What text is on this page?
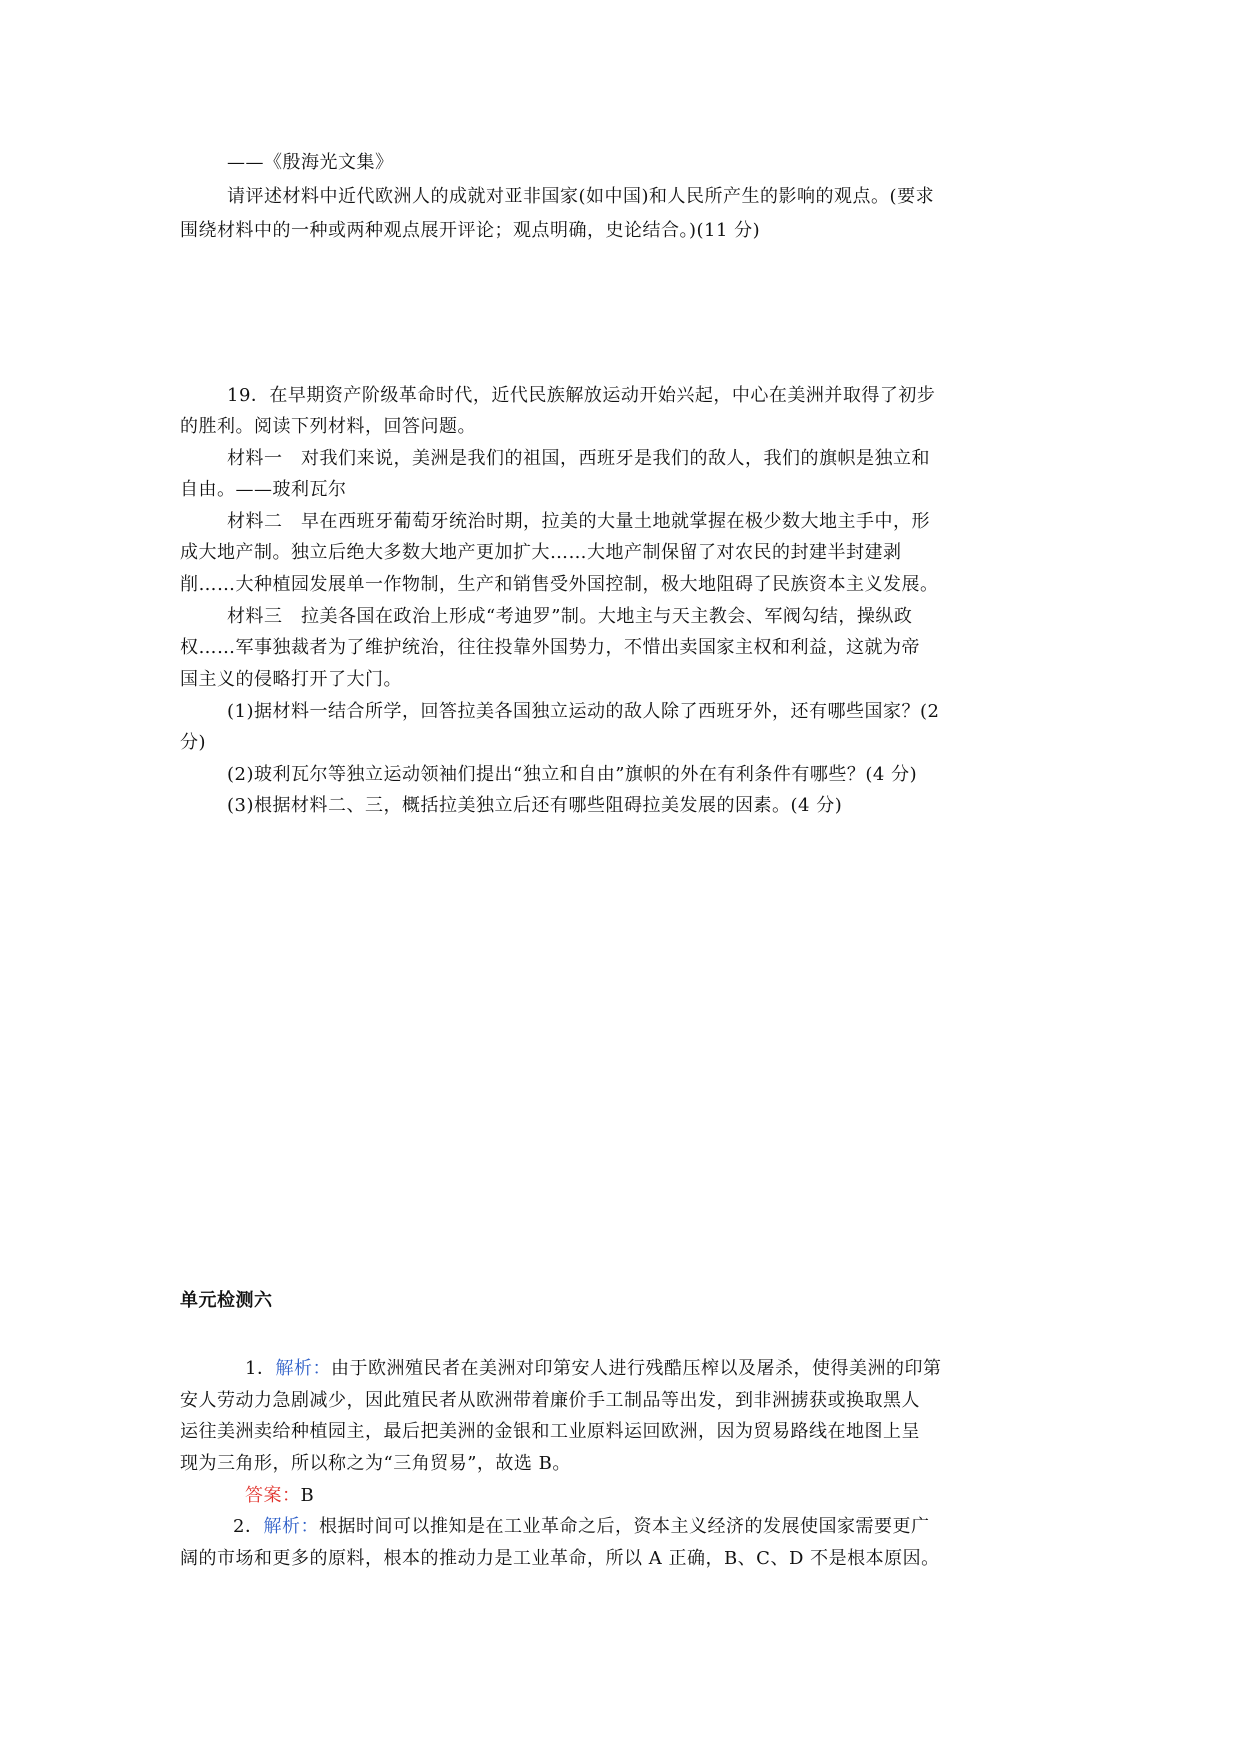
——《殷海光文集》
请评述材料中近代欧洲人的成就对亚非国家(如中国)和人民所产生的影响的观点。(要求
围绕材料中的一种或两种观点展开评论；观点明确，史论结合。)(11 分)
19．在早期资产阶级革命时代，近代民族解放运动开始兴起，中心在美洲并取得了初步
的胜利。阅读下列材料，回答问题。
材料一　对我们来说，美洲是我们的祖国，西班牙是我们的敌人，我们的旗帜是独立和
自由。——玻利瓦尔
材料二　早在西班牙葡萄牙统治时期，拉美的大量土地就掌握在极少数大地主手中，形
成大地产制。独立后绝大多数大地产更加扩大……大地产制保留了对农民的封建半封建剥
削……大种植园发展单一作物制，生产和销售受外国控制，极大地阻碍了民族资本主义发展。
材料三　拉美各国在政治上形成“考迪罗”制。大地主与天主教会、军阀勾结，操纵政
权……军事独裁者为了维护统治，往往投靠外国势力，不惜出卖国家主权和利益，这就为帝
国主义的侵略打开了大门。
(1)据材料一结合所学，回答拉美各国独立运动的敌人除了西班牙外，还有哪些国家？(2
分)
(2)玻利瓦尔等独立运动领袖们提出“独立和自由”旗帜的外在有利条件有哪些？(4 分)
(3)根据材料二、三，概括拉美独立后还有哪些阻碍拉美发展的因素。(4 分)
单元检测六
1．解析：由于欧洲殖民者在美洲对印第安人进行残酷压榨以及屠杀，使得美洲的印第
安人劳动力急剧减少，因此殖民者从欧洲带着廉价手工制品等出发，到非洲掳获或换取黑人
运往美洲卖给种植园主，最后把美洲的金银和工业原料运回欧洲，因为贸易路线在地图上呈
现为三角形，所以称之为“三角贸易”，故选 B。
答案：B
2．解析：根据时间可以推知是在工业革命之后，资本主义经济的发展使国家需要更广
阔的市场和更多的原料，根本的推动力是工业革命，所以 A 正确，B、C、D 不是根本原因。
